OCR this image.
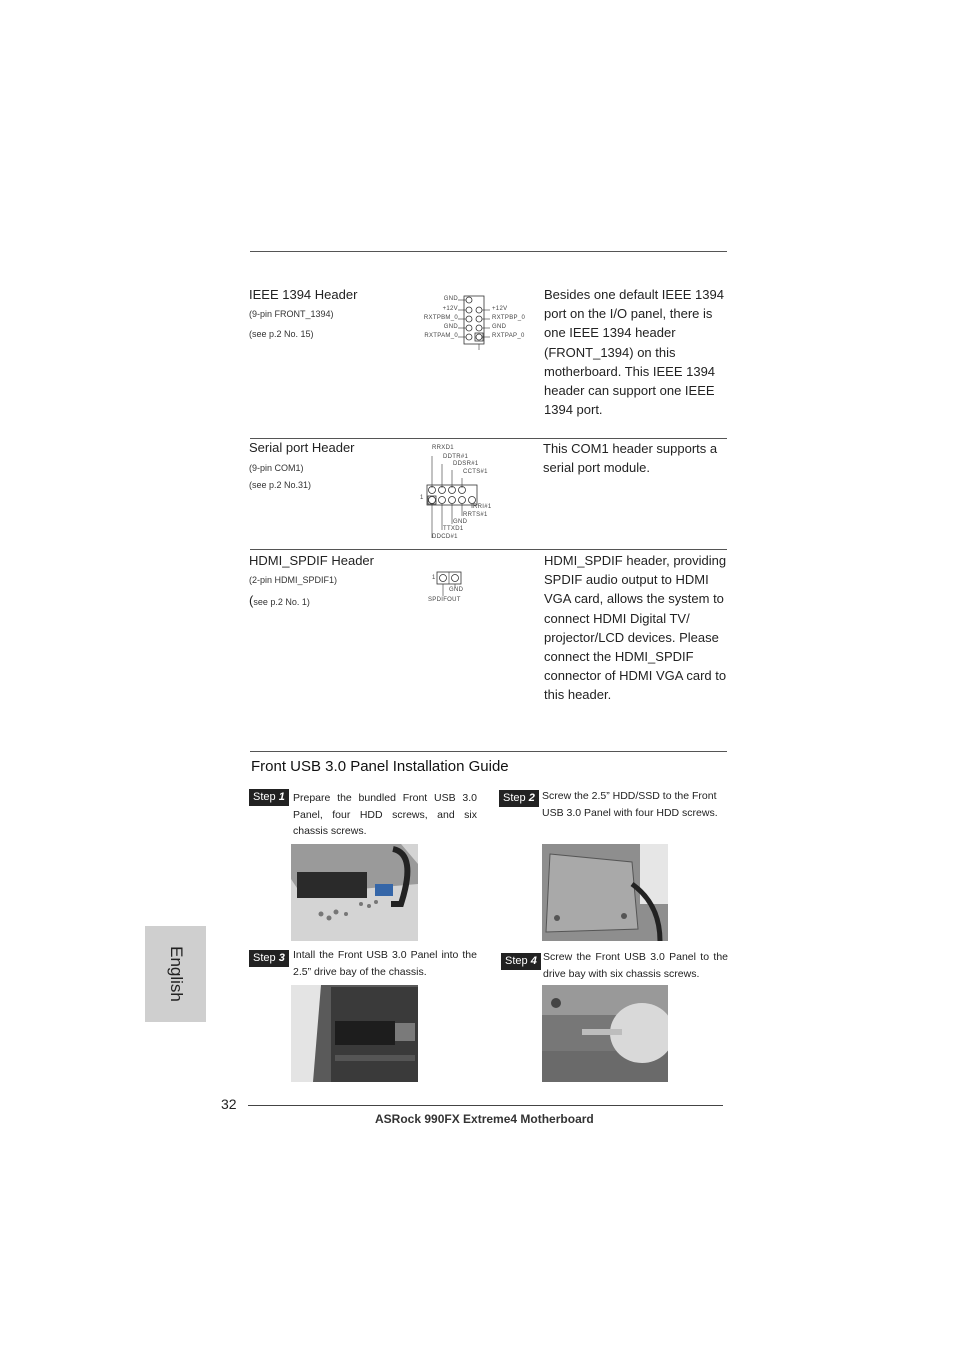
IEEE 1394 Header
(9-pin FRONT_1394)
(see p.2 No. 15)
GND
+12V
RXTPBM_0
GND
RXTPAM_0
+12V
RXTPBP_0
GND
RXTPAP_0
Besides one default IEEE 1394 port on the I/O panel, there is one IEEE 1394 header (FRONT_1394) on this motherboard. This IEEE 1394 header can support one IEEE 1394 port.
Serial port Header
(9-pin COM1)
(see p.2 No.31)
1
RRXD1
DDTR#1
DDSR#1
CCTS#1
RRI#1
RRTS#1
GND
TTXD1
DDCD#1
This COM1 header supports a serial port module.
HDMI_SPDIF Header
(2-pin HDMI_SPDIF1)
(see p.2 No. 1)
1
GND
SPDIFOUT
HDMI_SPDIF header, providing SPDIF audio output to HDMI VGA card, allows the system to connect HDMI Digital TV/ projector/LCD devices. Please connect the HDMI_SPDIF connector of HDMI VGA card to this header.
Front USB 3.0 Panel Installation Guide
Step 1 Prepare the bundled Front USB 3.0 Panel, four HDD screws, and six chassis screws.
Step 2 Screw the 2.5” HDD/SSD to the Front USB 3.0 Panel with four HDD screws.
Step 3 Intall the Front USB 3.0 Panel into the 2.5” drive bay of the chassis.
Step 4 Screw the Front USB 3.0 Panel to the drive bay with six chassis screws.
English
32
ASRock 990FX Extreme4 Motherboard
